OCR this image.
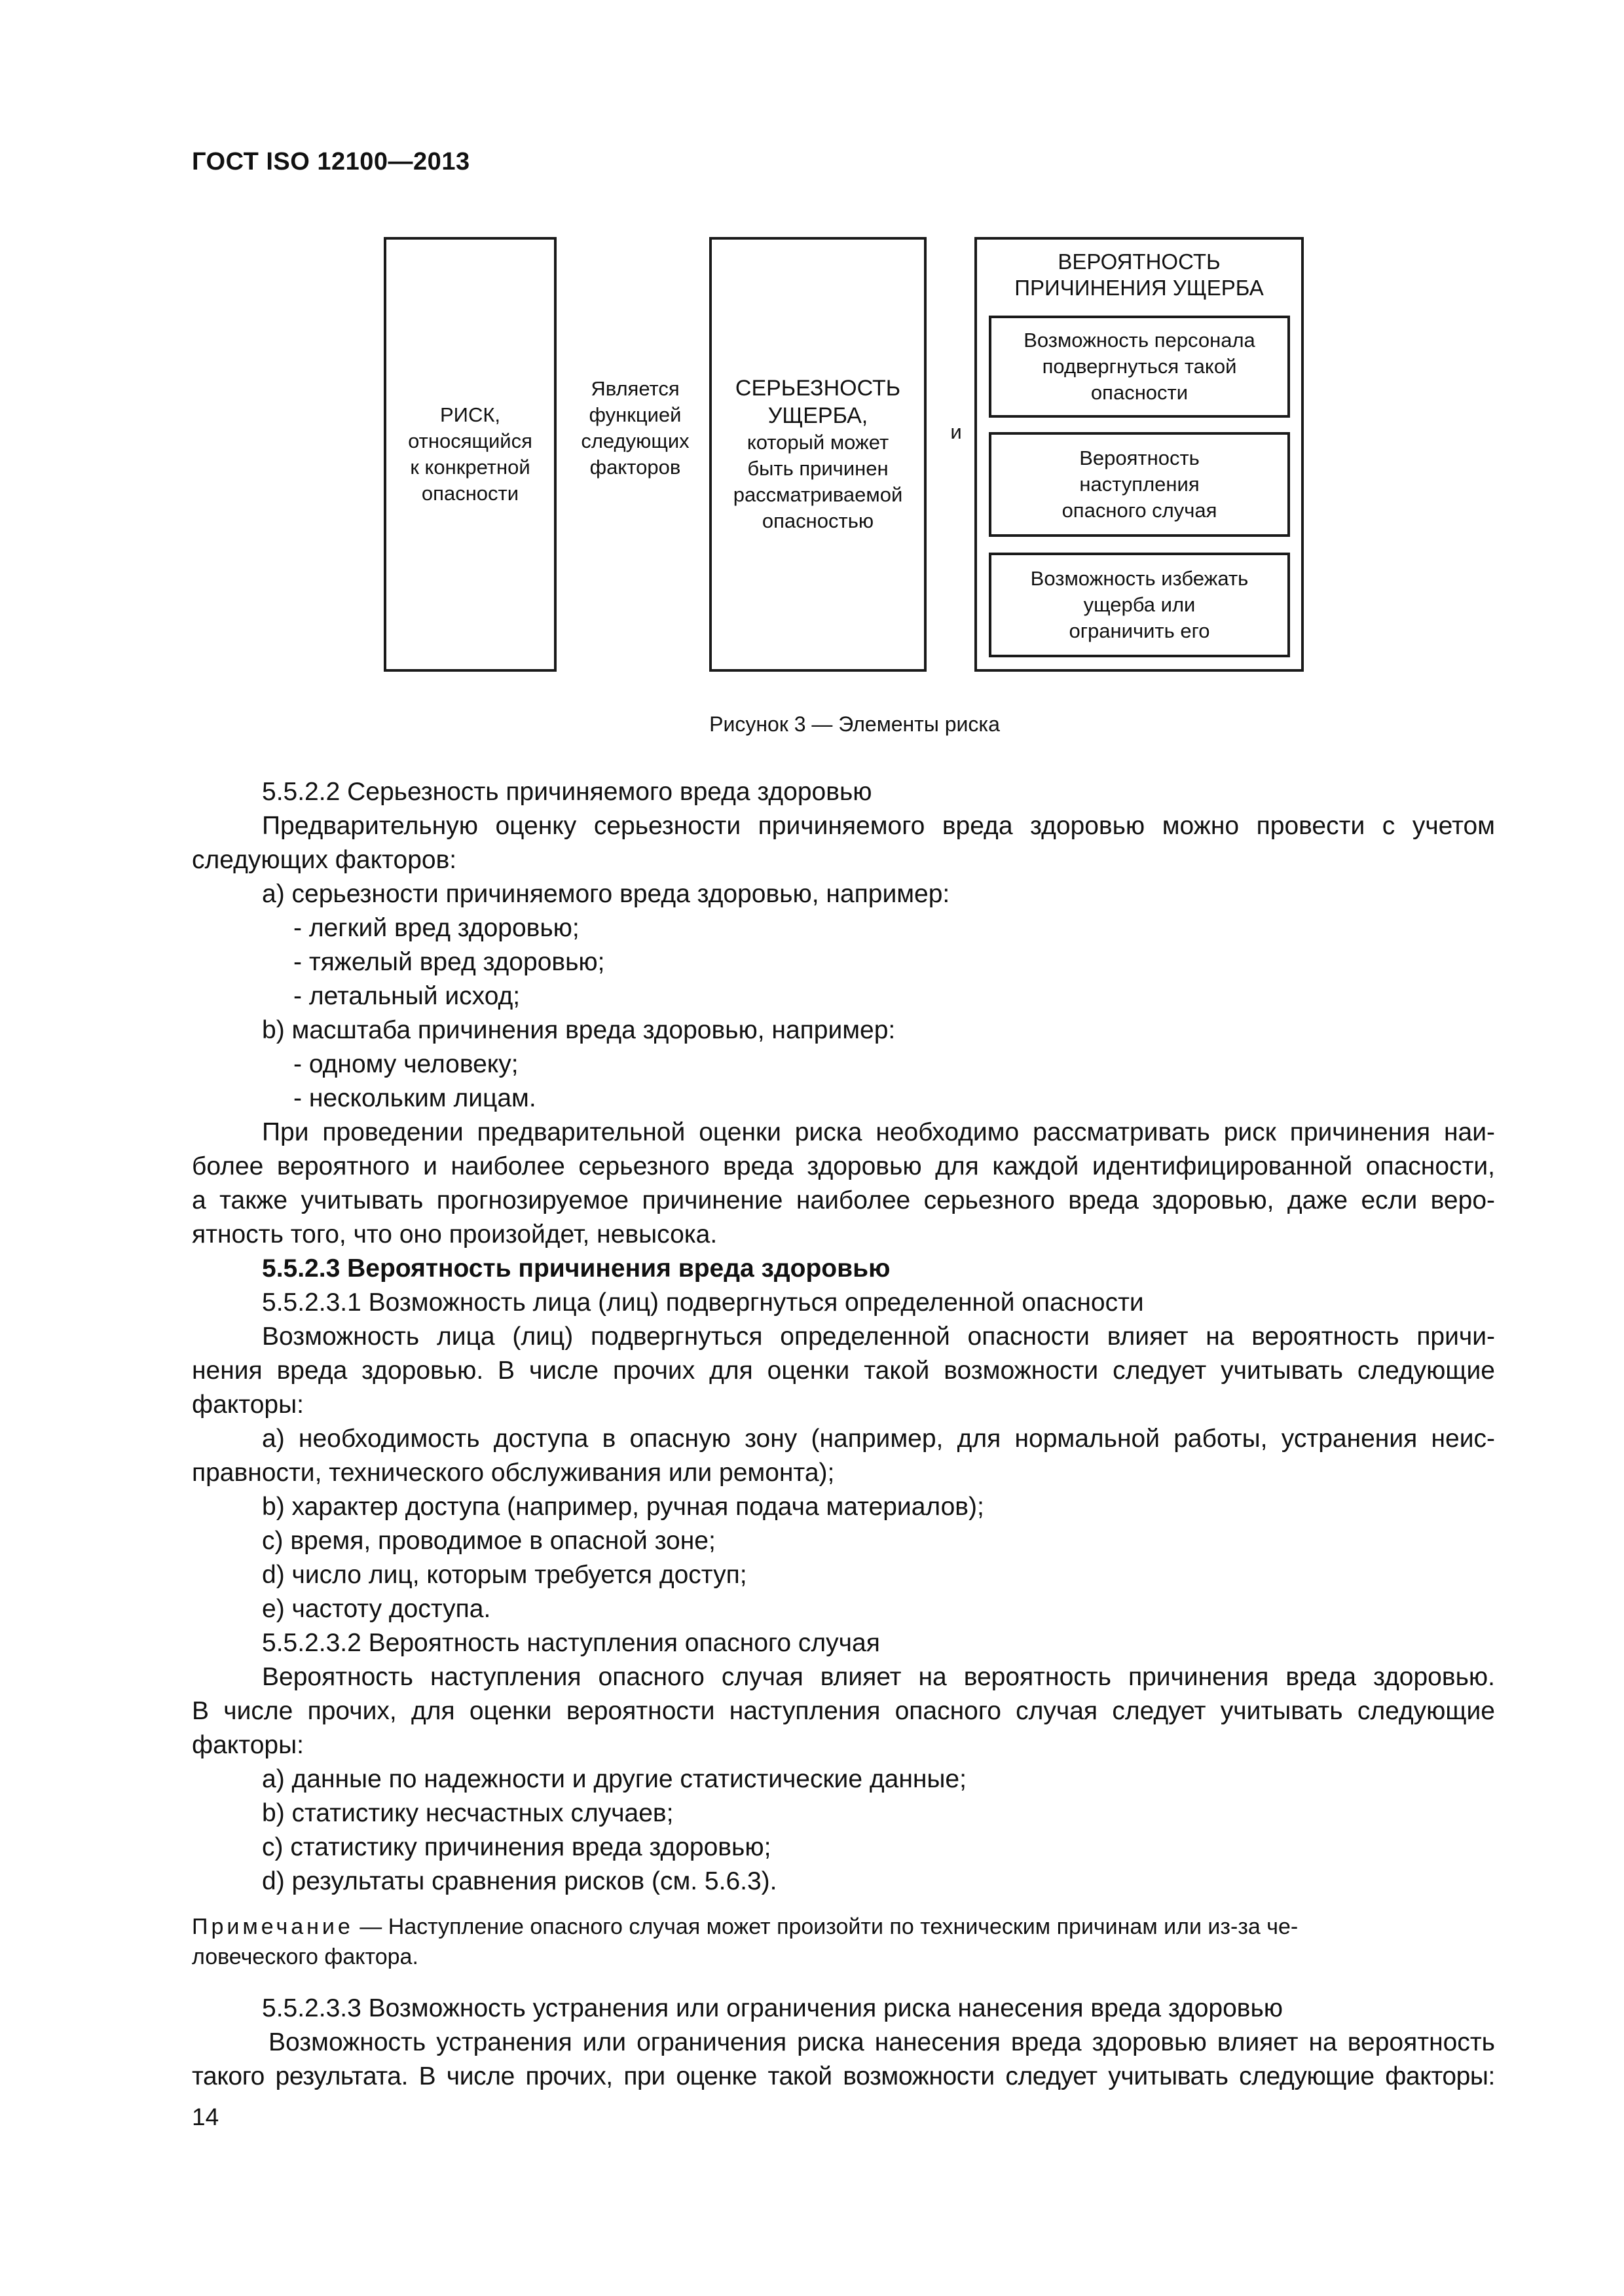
ГОСТ ISO 12100—2013
РИСК,
относящийся
к конкретной
опасности
Является
функцией
следующих
факторов
СЕРЬЕЗНОСТЬ
УЩЕРБА,
который может
быть причинен
рассматриваемой
опасностью
и
ВЕРОЯТНОСТЬ
ПРИЧИНЕНИЯ УЩЕРБА
Возможность персонала
подвергнуться такой
опасности
Вероятность
наступления
опасного случая
Возможность избежать
ущерба или
ограничить его
Рисунок 3 — Элементы риска
5.5.2.2 Серьезность причиняемого вреда здоровью
Предварительную оценку серьезности причиняемого вреда здоровью можно провести с учетом
следующих факторов:
а) серьезности причиняемого вреда здоровью, например:
- легкий вред здоровью;
- тяжелый вред здоровью;
- летальный исход;
b) масштаба причинения вреда здоровью, например:
- одному человеку;
- нескольким лицам.
При проведении предварительной оценки риска необходимо рассматривать риск причинения наи-
более вероятного и наиболее серьезного вреда здоровью для каждой идентифицированной опасности,
а также учитывать прогнозируемое причинение наиболее серьезного вреда здоровью, даже если веро-
ятность того, что оно произойдет, невысока.
5.5.2.3 Вероятность причинения вреда здоровью
5.5.2.3.1 Возможность лица (лиц) подвергнуться определенной опасности
Возможность лица (лиц) подвергнуться определенной опасности влияет на вероятность причи-
нения вреда здоровью. В числе прочих для оценки такой возможности следует учитывать следующие
факторы:
а) необходимость доступа в опасную зону (например, для нормальной работы, устранения неис-
правности, технического обслуживания или ремонта);
b) характер доступа (например, ручная подача материалов);
c) время, проводимое в опасной зоне;
d) число лиц, которым требуется доступ;
e) частоту доступа.
5.5.2.3.2 Вероятность наступления опасного случая
Вероятность наступления опасного случая влияет на вероятность причинения вреда здоровью.
В числе прочих, для оценки вероятности наступления опасного случая следует учитывать следующие
факторы:
а) данные по надежности и другие статистические данные;
b) статистику несчастных случаев;
c) статистику причинения вреда здоровью;
d) результаты сравнения рисков (см. 5.6.3).
Примечание — Наступление опасного случая может произойти по техническим причинам или из-за че-
ловеческого фактора.
5.5.2.3.3 Возможность устранения или ограничения риска нанесения вреда здоровью
Возможность устранения или ограничения риска нанесения вреда здоровью влияет на вероятность
такого результата. В числе прочих, при оценке такой возможности следует учитывать следующие факторы:
14
